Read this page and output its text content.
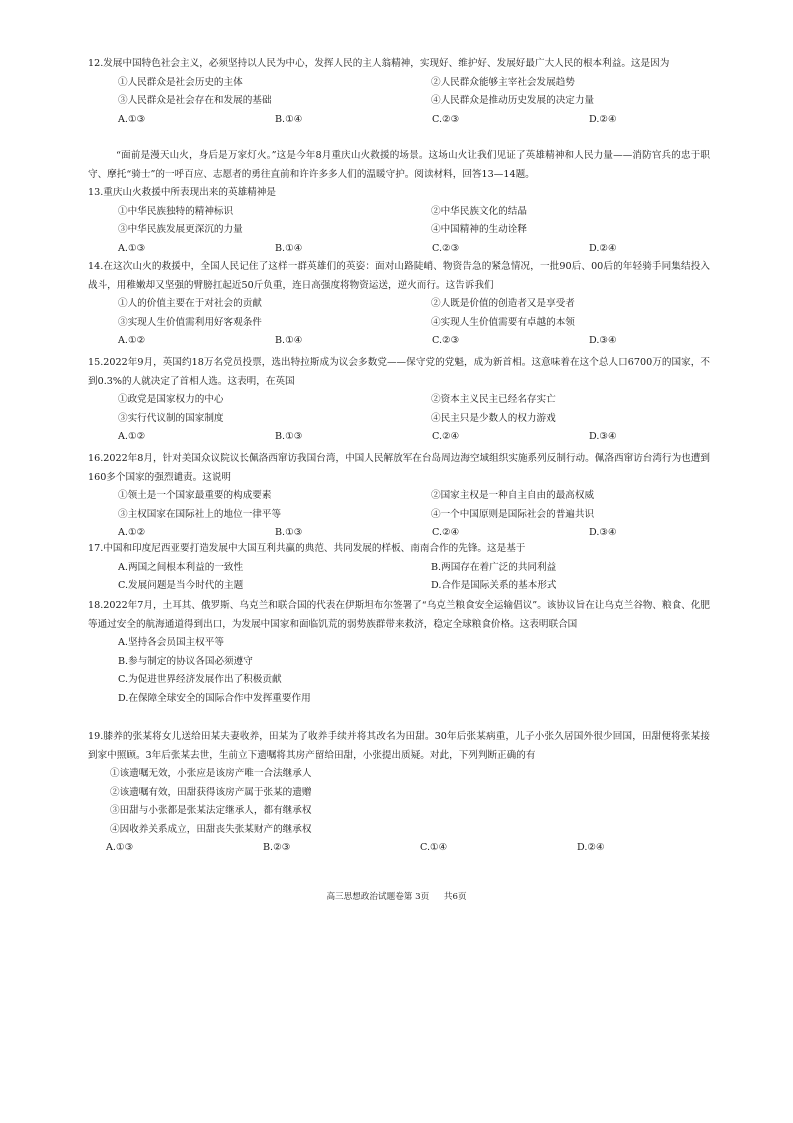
12.发展中国特色社会主义，必须坚持以人民为中心，发挥人民的主人翁精神，实现好、维护好、发展好最广大人民的根本利益。这是因为

①人民群众是社会历史的主体	②人民群众能够主宰社会发展趋势
③人民群众是社会存在和发展的基础	④人民群众是推动历史发展的决定力量
A.①③	B.①④	C.②③	D.②④

“面前是漫天山火，身后是万家灯火。”这是今年8月重庆山火救援的场景。这场山火让我们见证了英雄精神和人民力量——消防官兵的忠于职守、摩托“骑士”的一呼百应、志愿者的勇往直前和许许多多人们的温暖守护。阅读材料，回答13—14题。

13.重庆山火救援中所表现出来的英雄精神是

①中华民族独特的精神标识	②中华民族文化的结晶
③中华民族发展更深沉的力量	④中国精神的生动诠释
A.①③	B.①④	C.②③	D.②④

14.在这次山火的救援中，全国人民记住了这样一群英雄们的英姿：面对山路陡峭、物资告急的紧急情况，一批90后、00后的年轻骑手同集结投入战斗，用稚嫩却又坚强的臂膀扛起近50斤负重，连日高强度将物资运送，逆火而行。这告诉我们

①人的价值主要在于对社会的贡献	②人既是价值的创造者又是享受者
③实现人生价值需利用好客观条件	④实现人生价值需要有卓越的本领
A.①②	B.①④	C.②③	D.③④

15.2022年9月，英国约18万名党员投票，选出特拉斯成为议会多数党——保守党的党魁，成为新首相。这意味着在这个总人口6700万的国家，不到0.3%的人就决定了首相人选。这表明，在英国

①政党是国家权力的中心	②资本主义民主已经名存实亡
③实行代议制的国家制度	④民主只是少数人的权力游戏
A.①②	B.①③	C.②④	D.③④

16.2022年8月，针对美国众议院议长佩洛西窜访我国台湾，中国人民解放军在台岛周边海空域组织实施系列反制行动。佩洛西窜访台湾行为也遭到160多个国家的强烈谴责。这说明

①领土是一个国家最重要的构成要素	②国家主权是一种自主自由的最高权威
③主权国家在国际社上的地位一律平等	④一个中国原则是国际社会的普遍共识
A.①②	B.①③	C.②④	D.③④

17.中国和印度尼西亚要打造发展中大国互利共赢的典范、共同发展的样板、南南合作的先锋。这是基于

A.两国之间根本利益的一致性	B.两国存在着广泛的共同利益
C.发展问题是当今时代的主题	D.合作是国际关系的基本形式

18.2022年7月，土耳其、俄罗斯、乌克兰和联合国的代表在伊斯坦布尔签署了“乌克兰粮食安全运输倡议”。该协议旨在让乌克兰谷物、粮食、化肥等通过安全的航海通道得到出口，为发展中国家和面临饥荒的弱势族群带来救济，稳定全球粮食价格。这表明联合国

A.坚持各会员国主权平等
B.参与制定的协议各国必须遵守
C.为促进世界经济发展作出了积极贡献
D.在保障全球安全的国际合作中发挥重要作用

19.膝养的张某将女儿送给田某夫妻收养，田某为了收养手续并将其改名为田甜。30年后张某病重，儿子小张久居国外很少回国，田甜便将张某接到家中照顾。3年后张某去世，生前立下遗嘱将其房产留给田甜，小张提出质疑。对此，下列判断正确的有

①该遗嘱无效，小张应是该房产唯一合法继承人
②该遗嘱有效，田甜获得该房产属于张某的遗赠
③田甜与小张都是张某法定继承人，都有继承权
④因收养关系成立，田甜丧失张某财产的继承权
A.①③	B.②③	C.①④	D.②④
高三思想政治试题卷第 3页 共6页
